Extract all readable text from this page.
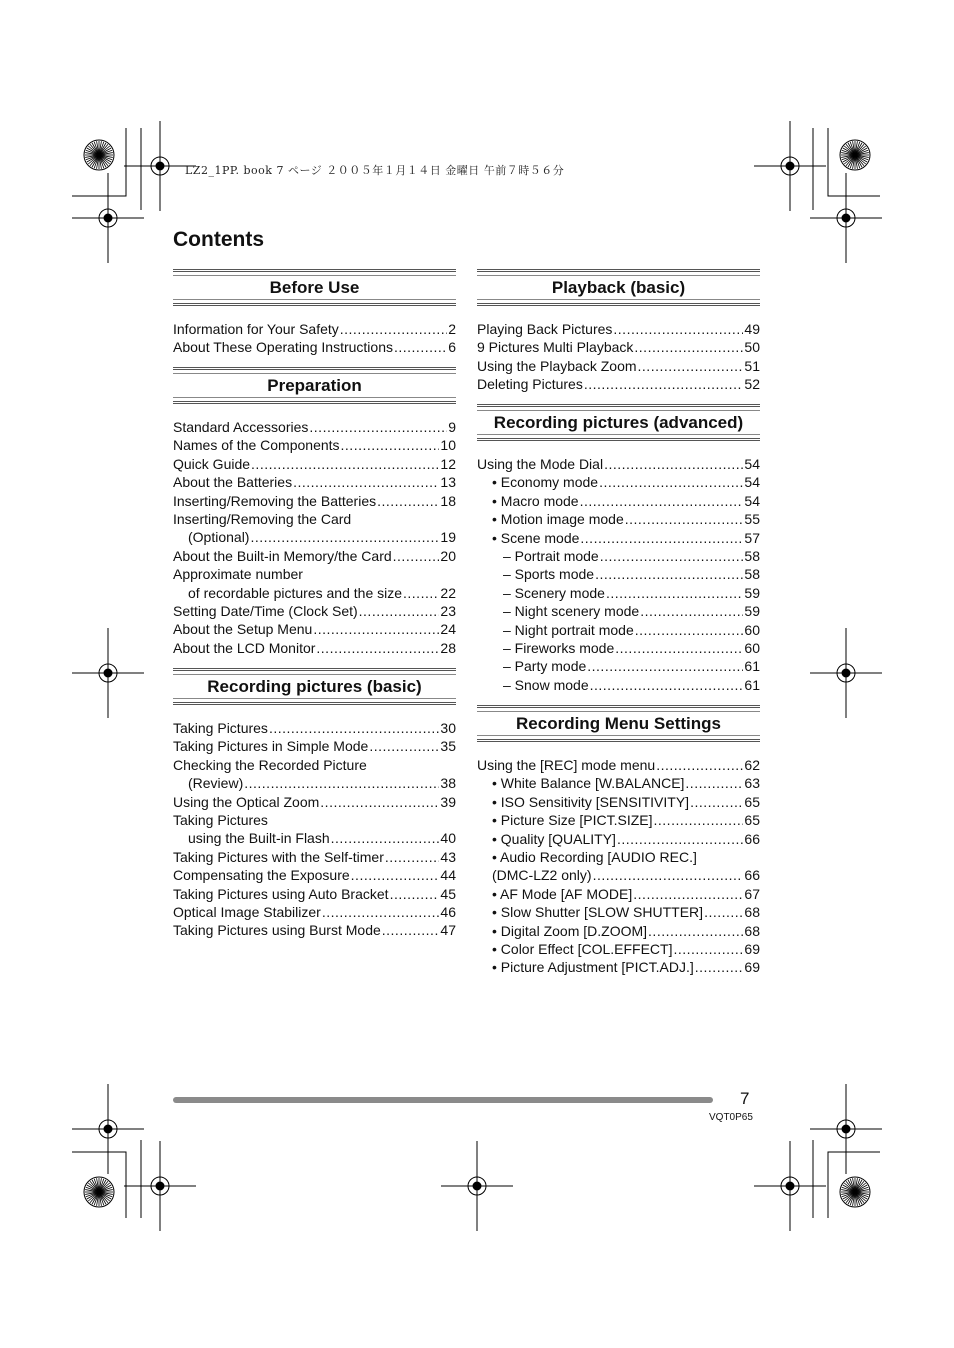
LZ2_1PP. book 7 ページ ２００５年１月１４日 金曜日 午前７時５６分
Contents
Before Use
Information for Your Safety .....	2
About These Operating Instructions .....	6
Preparation
Standard Accessories .....	9
Names of the Components .....	10
Quick Guide .....	12
About the Batteries .....	13
Inserting/Removing the Batteries .....	18
Inserting/Removing the Card
(Optional) .....	19
About the Built-in Memory/the Card .....	20
Approximate number
of recordable pictures and the size .....	22
Setting Date/Time (Clock Set) .....	23
About the Setup Menu .....	24
About the LCD Monitor .....	28
Recording pictures (basic)
Taking Pictures .....	30
Taking Pictures in Simple Mode .....	35
Checking the Recorded Picture
(Review) .....	38
Using the Optical Zoom .....	39
Taking Pictures
using the Built-in Flash .....	40
Taking Pictures with the Self-timer .....	43
Compensating the Exposure .....	44
Taking Pictures using Auto Bracket .....	45
Optical Image Stabilizer .....	46
Taking Pictures using Burst Mode .....	47
Playback (basic)
Playing Back Pictures .....	49
9 Pictures Multi Playback .....	50
Using the Playback Zoom .....	51
Deleting Pictures .....	52
Recording pictures (advanced)
Using the Mode Dial .....	54
• Economy mode .....	54
• Macro mode .....	54
• Motion image mode .....	55
• Scene mode .....	57
– Portrait mode .....	58
– Sports mode .....	58
– Scenery mode .....	59
– Night scenery mode .....	59
– Night portrait mode .....	60
– Fireworks mode .....	60
– Party mode .....	61
– Snow mode .....	61
Recording Menu Settings
Using the [REC] mode menu .....	62
• White Balance [W.BALANCE] .....	63
• ISO Sensitivity [SENSITIVITY] .....	65
• Picture Size [PICT.SIZE] .....	65
• Quality [QUALITY] .....	66
• Audio Recording [AUDIO REC.]
(DMC-LZ2 only) .....	66
• AF Mode [AF MODE] .....	67
• Slow Shutter [SLOW SHUTTER] .....	68
• Digital Zoom [D.ZOOM] .....	68
• Color Effect [COL.EFFECT] .....	69
• Picture Adjustment [PICT.ADJ.] .....	69
7
VQT0P65
